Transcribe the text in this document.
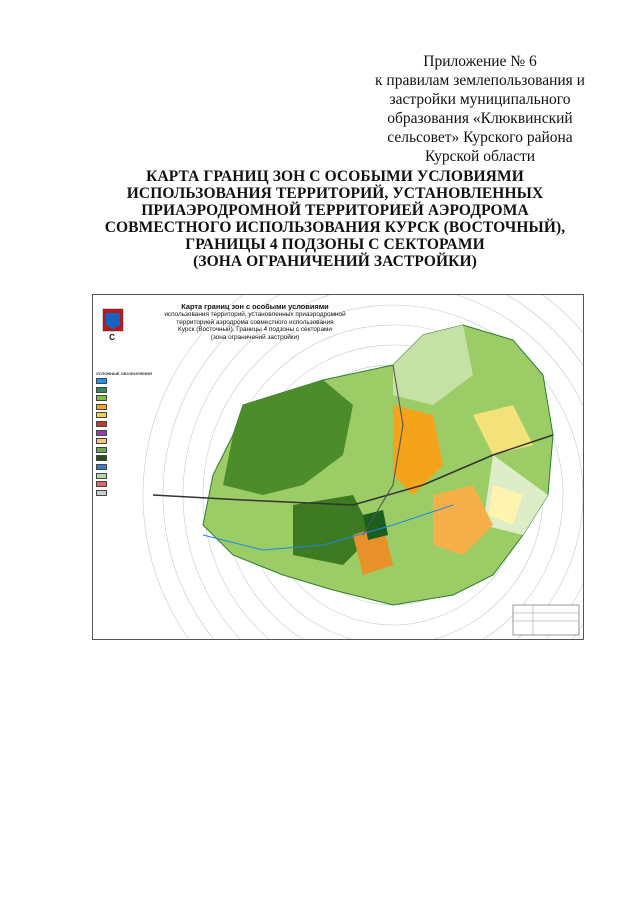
Приложение № 6
к правилам землепользования и
застройки муниципального
образования «Клюквинский
сельсовет» Курского района
Курской области
КАРТА ГРАНИЦ ЗОН С ОСОБЫМИ УСЛОВИЯМИ
ИСПОЛЬЗОВАНИЯ ТЕРРИТОРИЙ, УСТАНОВЛЕННЫХ
ПРИАЭРОДРОМНОЙ ТЕРРИТОРИЕЙ АЭРОДРОМА
СОВМЕСТНОГО ИСПОЛЬЗОВАНИЯ КУРСК (ВОСТОЧНЫЙ),
ГРАНИЦЫ 4 ПОДЗОНЫ С СЕКТОРАМИ
(ЗОНА ОГРАНИЧЕНИЙ ЗАСТРОЙКИ)
Карта границ зон с особыми условиями
использования территорий, установленных приаэродромной
территорией аэродрома совместного использования
Курск (Восточный). Границы 4 подзоны с секторами
(зона ограничений застройки)
С
УСЛОВНЫЕ ОБОЗНАЧЕНИЯ
